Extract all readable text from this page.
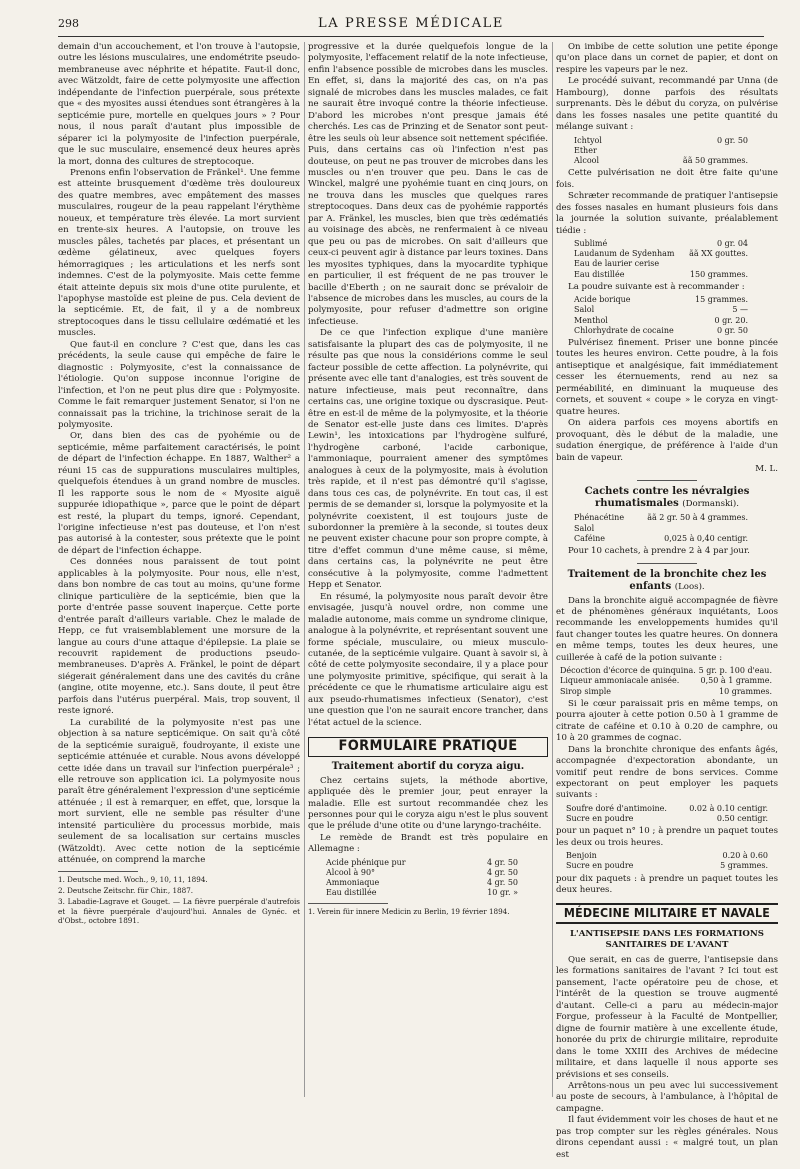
298	LA PRESSE MÉDICALE

demain d'un accouchement, et l'on trouve à l'autopsie, outre les lésions musculaires, une endométrite pseudo-membraneuse avec néphrite et hépatite. Faut-il donc, avec Wätzoldt, faire de cette polymyosite une affection indépendante de l'infection puerpérale, sous prétexte que « des myosites aussi étendues sont étrangères à la septicémie pure, mortelle en quelques jours » ? Pour nous, il nous paraît d'autant plus impossible de séparer ici la polymyosite de l'infection puerpérale, que le suc musculaire, ensemencé deux heures après la mort, donna des cultures de streptocoque.

Prenons enfin l'observation de Fränkel¹. Une femme est atteinte brusquement d'œdème très douloureux des quatre membres, avec empâtement des masses musculaires, rougeur de la peau rappelant l'érythème noueux, et température très élevée. La mort survient en trente-six heures. A l'autopsie, on trouve les muscles pâles, tachetés par places, et présentant un œdème gélatineux, avec quelques foyers hémorragiques ; les articulations et les nerfs sont indemnes. C'est de la polymyosite. Mais cette femme était atteinte depuis six mois d'une otite purulente, et l'apophyse mastoïde est pleine de pus. Cela devient de la septicémie. Et, de fait, il y a de nombreux streptocoques dans le tissu cellulaire œdématié et les muscles.

Que faut-il en conclure ? C'est que, dans les cas précédents, la seule cause qui empêche de faire le diagnostic : Polymyosite, c'est la connaissance de l'étiologie. Qu'on suppose inconnue l'origine de l'infection, et l'on ne peut plus dire que : Polymyosite. Comme le fait remarquer justement Senator, si l'on ne connaissait pas la trichine, la trichinose serait de la polymyosite.

Or, dans bien des cas de pyohémie ou de septicémie, même parfaitement caractérisés, le point de départ de l'infection échappe. En 1887, Walther² a réuni 15 cas de suppurations musculaires multiples, quelquefois étendues à un grand nombre de muscles. Il les rapporte sous le nom de « Myosite aiguë suppurée idiopathique », parce que le point de départ est resté, la plupart du temps, ignoré. Cependant, l'origine infectieuse n'est pas douteuse, et l'on n'est pas autorisé à la contester, sous prétexte que le point de départ de l'infection échappe.

Ces données nous paraissent de tout point applicables à la polymyosite. Pour nous, elle n'est, dans bon nombre de cas tout au moins, qu'une forme clinique particulière de la septicémie, bien que la porte d'entrée passe souvent inaperçue. Cette porte d'entrée paraît d'ailleurs variable. Chez le malade de Hepp, ce fut vraisemblablement une morsure de la langue au cours d'une attaque d'épilepsie. La plaie se recouvrit rapidement de productions pseudo-membraneuses. D'après A. Fränkel, le point de départ siégerait généralement dans une des cavités du crâne (angine, otite moyenne, etc.). Sans doute, il peut être parfois dans l'utérus puerpéral. Mais, trop souvent, il reste ignoré.

La curabilité de la polymyosite n'est pas une objection à sa nature septicémique. On sait qu'à côté de la septicémie suraiguë, foudroyante, il existe une septicémie atténuée et curable. Nous avons développé cette idée dans un travail sur l'infection puerpérale³ ; elle retrouve son application ici. La polymyosite nous paraît être généralement l'expression d'une septicémie atténuée ; il est à remarquer, en effet, que, lorsque la mort survient, elle ne semble pas résulter d'une intensité particulière du processus morbide, mais seulement de sa localisation sur certains muscles (Wätzoldt). Avec cette notion de la septicémie atténuée, on comprend la marche

1. Deutsche med. Woch., 9, 10, 11, 1894.
2. Deutsche Zeitschr. für Chir., 1887.
3. Labadie-Lagrave et Gouget. — La fièvre puerpérale d'autrefois et la fièvre puerpérale d'aujourd'hui. Annales de Gynéc. et d'Obst., octobre 1891.

progressive et la durée quelquefois longue de la polymyosite, l'effacement relatif de la note infectieuse, enfin l'absence possible de microbes dans les muscles. En effet, si, dans la majorité des cas, on n'a pas signalé de microbes dans les muscles malades, ce fait ne saurait être invoqué contre la théorie infectieuse. D'abord les microbes n'ont presque jamais été cherchés. Les cas de Prinzing et de Senator sont peut-être les seuls où leur absence soit nettement spécifiée. Puis, dans certains cas où l'infection n'est pas douteuse, on peut ne pas trouver de microbes dans les muscles ou n'en trouver que peu. Dans le cas de Winckel, malgré une pyohémie tuant en cinq jours, on ne trouva dans les muscles que quelques rares streptocoques. Dans deux cas de pyohémie rapportés par A. Fränkel, les muscles, bien que très œdématiés au voisinage des abcès, ne renfermaient à ce niveau que peu ou pas de microbes. On sait d'ailleurs que ceux-ci peuvent agir à distance par leurs toxines. Dans les myosites typhiques, dans la myocardite typhique en particulier, il est fréquent de ne pas trouver le bacille d'Eberth ; on ne saurait donc se prévaloir de l'absence de microbes dans les muscles, au cours de la polymyosite, pour refuser d'admettre son origine infectieuse.

De ce que l'infection explique d'une manière satisfaisante la plupart des cas de polymyosite, il ne résulte pas que nous la considérions comme le seul facteur possible de cette affection. La polynévrite, qui présente avec elle tant d'analogies, est très souvent de nature infectieuse, mais peut reconnaître, dans certains cas, une origine toxique ou dyscrasique. Peut-être en est-il de même de la polymyosite, et la théorie de Senator est-elle juste dans ces limites. D'après Lewin¹, les intoxications par l'hydrogène sulfuré, l'hydrogène carboné, l'acide carbonique, l'ammoniaque, pourraient amener des symptômes analogues à ceux de la polymyosite, mais à évolution très rapide, et il n'est pas démontré qu'il s'agisse, dans tous ces cas, de polynévrite. En tout cas, il est permis de se demander si, lorsque la polymyosite et la polynévrite coexistent, il est toujours juste de subordonner la première à la seconde, si toutes deux ne peuvent exister chacune pour son propre compte, à titre d'effet commun d'une même cause, si même, dans certains cas, la polynévrite ne peut être consécutive à la polymyosite, comme l'admettent Hepp et Senator.

En résumé, la polymyosite nous paraît devoir être envisagée, jusqu'à nouvel ordre, non comme une maladie autonome, mais comme un syndrome clinique, analogue à la polynévrite, et représentant souvent une forme spéciale, musculaire, ou mieux musculo-cutanée, de la septicémie vulgaire. Quant à savoir si, à côté de cette polymyosite secondaire, il y a place pour une polymyosite primitive, spécifique, qui serait à la précédente ce que le rhumatisme articulaire aigu est aux pseudo-rhumatismes infectieux (Senator), c'est une question que l'on ne saurait encore trancher, dans l'état actuel de la science.

FORMULAIRE PRATIQUE
Traitement abortif du coryza aigu.

Chez certains sujets, la méthode abortive, appliquée dès le premier jour, peut enrayer la maladie. Elle est surtout recommandée chez les personnes pour qui le coryza aigu n'est le plus souvent que le prélude d'une otite ou d'une laryngo-trachéite.

Le remède de Brandt est très populaire en Allemagne :

Acide phénique pur	4 gr. 50
Alcool à 90°	4 gr. 50
Ammoniaque	4 gr. 50
Eau distillée	10 gr. »
1. Verein für innere Medicin zu Berlin, 19 février 1894.

On imbibe de cette solution une petite éponge qu'on place dans un cornet de papier, et dont on respire les vapeurs par le nez.

Le procédé suivant, recommandé par Unna (de Hambourg), donne parfois des résultats surprenants. Dès le début du coryza, on pulvérise dans les fosses nasales une petite quantité du mélange suivant :

Ichtyol	0 gr. 50
Ether
Alcool	ãã 50 grammes.

Cette pulvérisation ne doit être faite qu'une fois.

Schræter recommande de pratiquer l'antisepsie des fosses nasales en humant plusieurs fois dans la journée la solution suivante, préalablement tiédie :

Sublimé	0 gr. 04
Laudanum de Sydenham ãã XX gouttes.
Eau de laurier cerise
Eau distillée	150 grammes.

La poudre suivante est à recommander :

Acide borique	15 grammes.
Salol	5 —
Menthol	0 gr. 20.
Chlorhydrate de cocaine	0 gr. 50

Pulvérisez finement. Priser une bonne pincée toutes les heures environ. Cette poudre, à la fois antiseptique et analgésique, fait immédiatement cesser les éternuements, rend au nez sa perméabilité, en diminuant la muqueuse des cornets, et souvent « coupe » le coryza en vingt-quatre heures.

On aidera parfois ces moyens abortifs en provoquant, dès le début de la maladie, une sudation énergique, de préférence à l'aide d'un bain de vapeur.

M. L.
Cachets contre les névralgies rhumatismales (Dormanski).
Phénacétine	ãã 2 gr. 50 à 4 grammes.
Salol
Caféine	0,025 à 0,40 centigr.

Pour 10 cachets, à prendre 2 à 4 par jour.

Traitement de la bronchite chez les enfants (Loos).

Dans la bronchite aiguë accompagnée de fièvre et de phénomènes généraux inquiétants, Loos recommande les enveloppements humides qu'il faut changer toutes les quatre heures. On donnera en même temps, toutes les deux heures, une cuillerée à café de la potion suivante :

Décoction d'écorce de quinquina. 5 gr. p. 100 d'eau.
Liqueur ammoniacale anisée.	0,50 à 1 gramme.
Sirop simple	10 grammes.

Si le cœur paraissait pris en même temps, on pourra ajouter à cette potion 0.50 à 1 gramme de citrate de caféine et 0.10 à 0.20 de camphre, ou 10 à 20 grammes de cognac.

Dans la bronchite chronique des enfants âgés, accompagnée d'expectoration abondante, un vomitif peut rendre de bons services. Comme expectorant on peut employer les paquets suivants :

Soufre doré d'antimoine.	0.02 à 0.10 centigr.
Sucre en poudre	0.50 centigr.

pour un paquet n° 10 ; à prendre un paquet toutes les deux ou trois heures.

Benjoin	0.20 à 0.60
Sucre en poudre	5 grammes.

pour dix paquets : à prendre un paquet toutes les deux heures.

MÉDECINE MILITAIRE ET NAVALE
L'ANTISEPSIE DANS LES FORMATIONS SANITAIRES DE L'AVANT

Que serait, en cas de guerre, l'antisepsie dans les formations sanitaires de l'avant ? Ici tout est pansement, l'acte opératoire peu de chose, et l'intérêt de la question se trouve augmenté d'autant. Celle-ci a paru au médecin-major Forgue, professeur à la Faculté de Montpellier, digne de fournir matière à une excellente étude, honorée du prix de chirurgie militaire, reproduite dans le tome XXIII des Archives de médecine militaire, et dans laquelle il nous apporte ses prévisions et ses conseils.

Arrêtons-nous un peu avec lui successivement au poste de secours, à l'ambulance, à l'hôpital de campagne.

Il faut évidemment voir les choses de haut et ne pas trop compter sur les règles générales. Nous dirons cependant aussi : « malgré tout, un plan est
